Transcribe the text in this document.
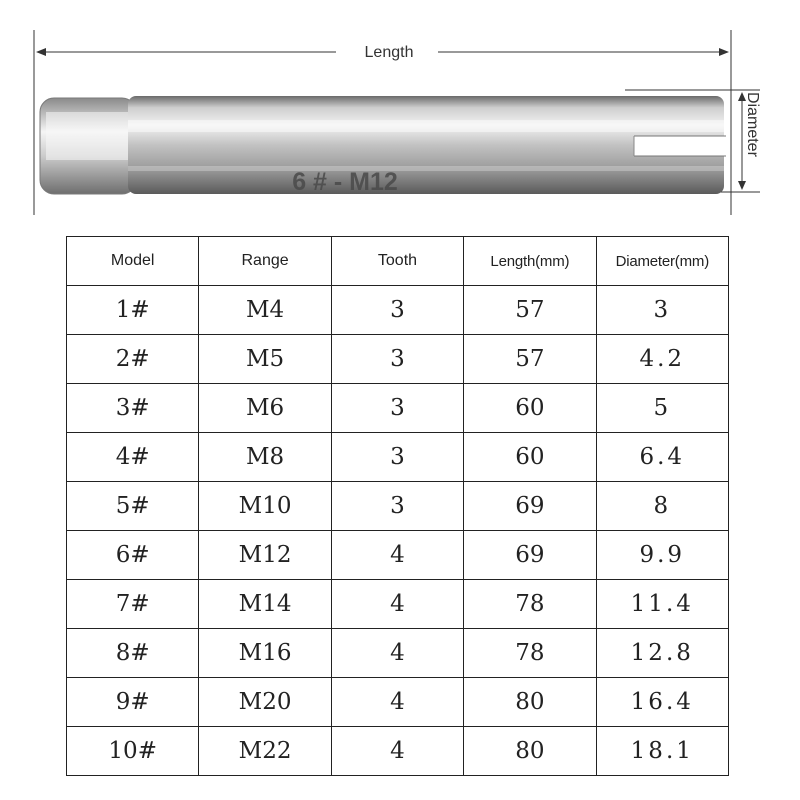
Length
Diameter
6 # - M12
Model	Range	Tooth	Length(mm)	Diameter(mm)
1#	M4	3	57	3
2#	M5	3	57	4.2
3#	M6	3	60	5
4#	M8	3	60	6.4
5#	M10	3	69	8
6#	M12	4	69	9.9
7#	M14	4	78	11.4
8#	M16	4	78	12.8
9#	M20	4	80	16.4
10#	M22	4	80	18.1
